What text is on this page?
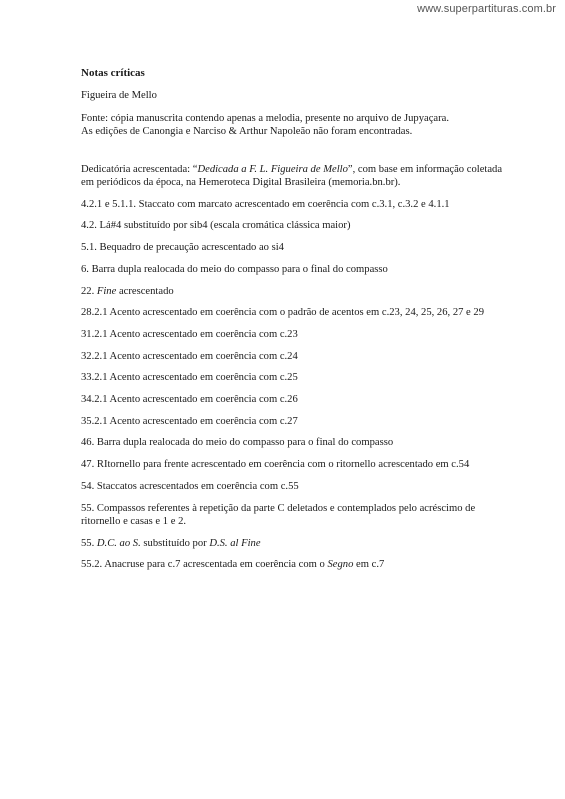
www.superpartituras.com.br

Notas críticas

Figueira de Mello

Fonte: cópia manuscrita contendo apenas a melodia, presente no arquivo de Jupyaçara.

As edições de Canongia e Narciso & Arthur Napoleão não foram encontradas.

Dedicatória acrescentada: “Dedicada a F. L. Figueira de Mello”, com base em informação coletada em periódicos da época, na Hemeroteca Digital Brasileira (memoria.bn.br).

4.2.1 e 5.1.1. Staccato com marcato acrescentado em coerência com c.3.1, c.3.2 e 4.1.1

4.2. Lá#4 substituído por sib4 (escala cromática clássica maior)

5.1. Bequadro de precaução acrescentado ao si4

6. Barra dupla realocada do meio do compasso para o final do compasso

22. Fine acrescentado

28.2.1 Acento acrescentado em coerência com o padrão de acentos em c.23, 24, 25, 26, 27 e 29

31.2.1 Acento acrescentado em coerência com c.23

32.2.1 Acento acrescentado em coerência com c.24

33.2.1 Acento acrescentado em coerência com c.25

34.2.1 Acento acrescentado em coerência com c.26

35.2.1 Acento acrescentado em coerência com c.27

46. Barra dupla realocada do meio do compasso para o final do compasso

47. RItornello para frente acrescentado em coerência com o ritornello acrescentado em c.54

54. Staccatos acrescentados em coerência com c.55

55. Compassos referentes à repetição da parte C deletados e contemplados pelo acréscimo de ritornello e casas e 1 e 2.

55. D.C. ao S. substituído por D.S. al Fine

55.2. Anacruse para c.7 acrescentada em coerência com o Segno em c.7
